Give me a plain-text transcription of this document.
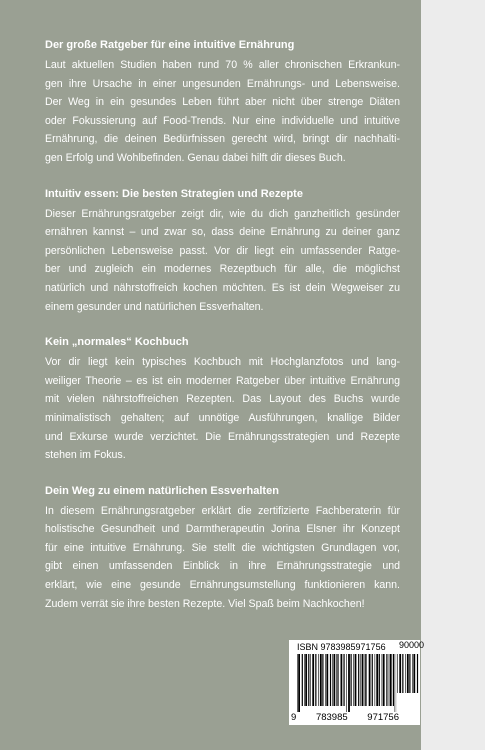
Der große Ratgeber für eine intuitive Ernährung
Laut aktuellen Studien haben rund 70 % aller chronischen Erkrankun-
gen ihre Ursache in einer ungesunden Ernährungs- und Lebensweise.
Der Weg in ein gesundes Leben führt aber nicht über strenge Diäten
oder Fokussierung auf Food-Trends. Nur eine individuelle und intuitive
Ernährung, die deinen Bedürfnissen gerecht wird, bringt dir nachhalti-
gen Erfolg und Wohlbefinden. Genau dabei hilft dir dieses Buch.
Intuitiv essen: Die besten Strategien und Rezepte
Dieser Ernährungsratgeber zeigt dir, wie du dich ganzheitlich gesünder
ernähren kannst – und zwar so, dass deine Ernährung zu deiner ganz
persönlichen Lebensweise passt. Vor dir liegt ein umfassender Ratge-
ber und zugleich ein modernes Rezeptbuch für alle, die möglichst
natürlich und nährstoffreich kochen möchten. Es ist dein Wegweiser zu
einem gesunder und natürlichen Essverhalten.
Kein „normales“ Kochbuch
Vor dir liegt kein typisches Kochbuch mit Hochglanzfotos und lang-
weiliger Theorie – es ist ein moderner Ratgeber über intuitive Ernährung
mit vielen nährstoffreichen Rezepten. Das Layout des Buchs wurde
minimalistisch gehalten; auf unnötige Ausführungen, knallige Bilder
und Exkurse wurde verzichtet. Die Ernährungsstrategien und Rezepte
stehen im Fokus.
Dein Weg zu einem natürlichen Essverhalten
In diesem Ernährungsratgeber erklärt die zertifizierte Fachberaterin für
holistische Gesundheit und Darmtherapeutin Jorina Elsner ihr Konzept
für eine intuitive Ernährung. Sie stellt die wichtigsten Grundlagen vor,
gibt einen umfassenden Einblick in ihre Ernährungsstrategie und
erklärt, wie eine gesunde Ernährungsumstellung funktionieren kann.
Zudem verrät sie ihre besten Rezepte. Viel Spaß beim Nachkochen!
ISBN 9783985971756 90000
9 783985 971756
